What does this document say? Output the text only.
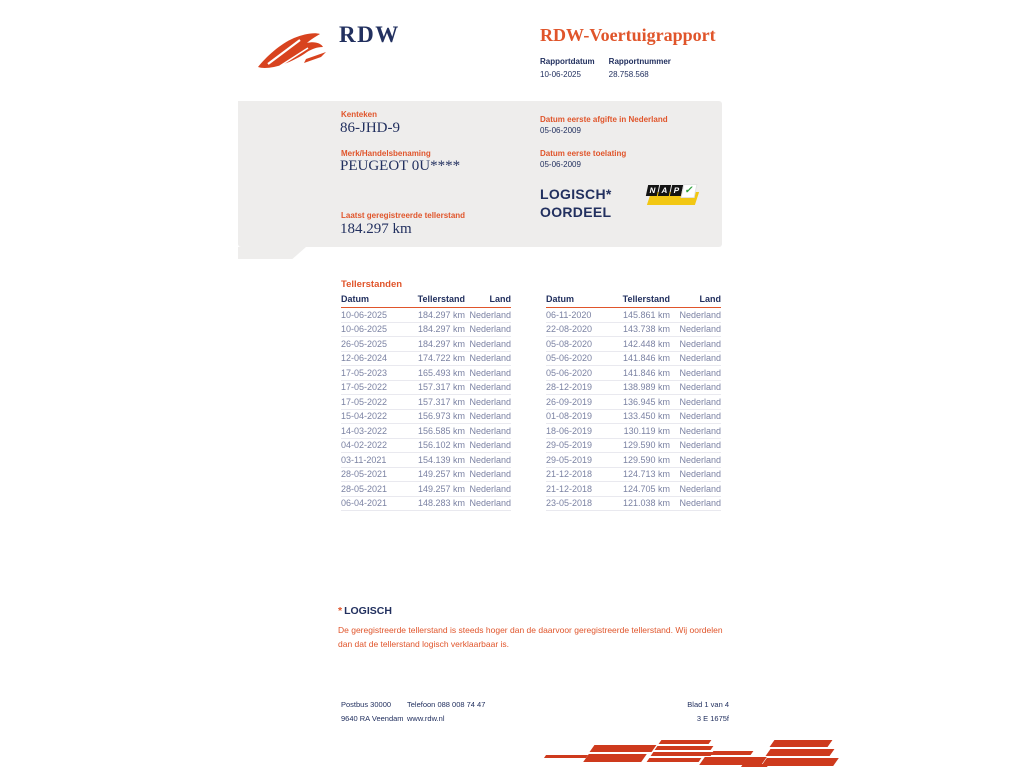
RDW	RDW-Voertuigrapport
Rapportdatum
10-06-2025
Rapportnummer
28.758.568
Kenteken
86-JHD-9
Merk/Handelsbenaming
PEUGEOT 0U****
Laatst geregistreerde tellerstand
184.297 km
Datum eerste afgifte in Nederland
05-06-2009
Datum eerste toelating
05-06-2009
LOGISCH*
OORDEEL
N A P ✓
Tellerstanden
Datum	Tellerstand	Land
10-06-2025	184.297 km Nederland
10-06-2025	184.297 km Nederland
26-05-2025	184.297 km Nederland
12-06-2024	174.722 km Nederland
17-05-2023	165.493 km Nederland
17-05-2022	157.317 km Nederland
17-05-2022	157.317 km Nederland
15-04-2022	156.973 km Nederland
14-03-2022	156.585 km Nederland
04-02-2022	156.102 km Nederland
03-11-2021	154.139 km Nederland
28-05-2021	149.257 km Nederland
28-05-2021	149.257 km Nederland
06-04-2021	148.283 km Nederland
Datum	Tellerstand	Land
06-11-2020	145.861 km	Nederland
22-08-2020	143.738 km	Nederland
05-08-2020	142.448 km	Nederland
05-06-2020	141.846 km	Nederland
05-06-2020	141.846 km	Nederland
28-12-2019	138.989 km	Nederland
26-09-2019	136.945 km	Nederland
01-08-2019	133.450 km	Nederland
18-06-2019	130.119 km	Nederland
29-05-2019	129.590 km	Nederland
29-05-2019	129.590 km	Nederland
21-12-2018	124.713 km	Nederland
21-12-2018	124.705 km	Nederland
23-05-2018	121.038 km	Nederland
* LOGISCH
De geregistreerde tellerstand is steeds hoger dan de daarvoor geregistreerde tellerstand. Wij oordelen dan dat de tellerstand logisch verklaarbaar is.
Postbus 30000
9640 RA Veendam
Telefoon 088 008 74 47
www.rdw.nl
Blad 1 van 4
3 E 1675f
